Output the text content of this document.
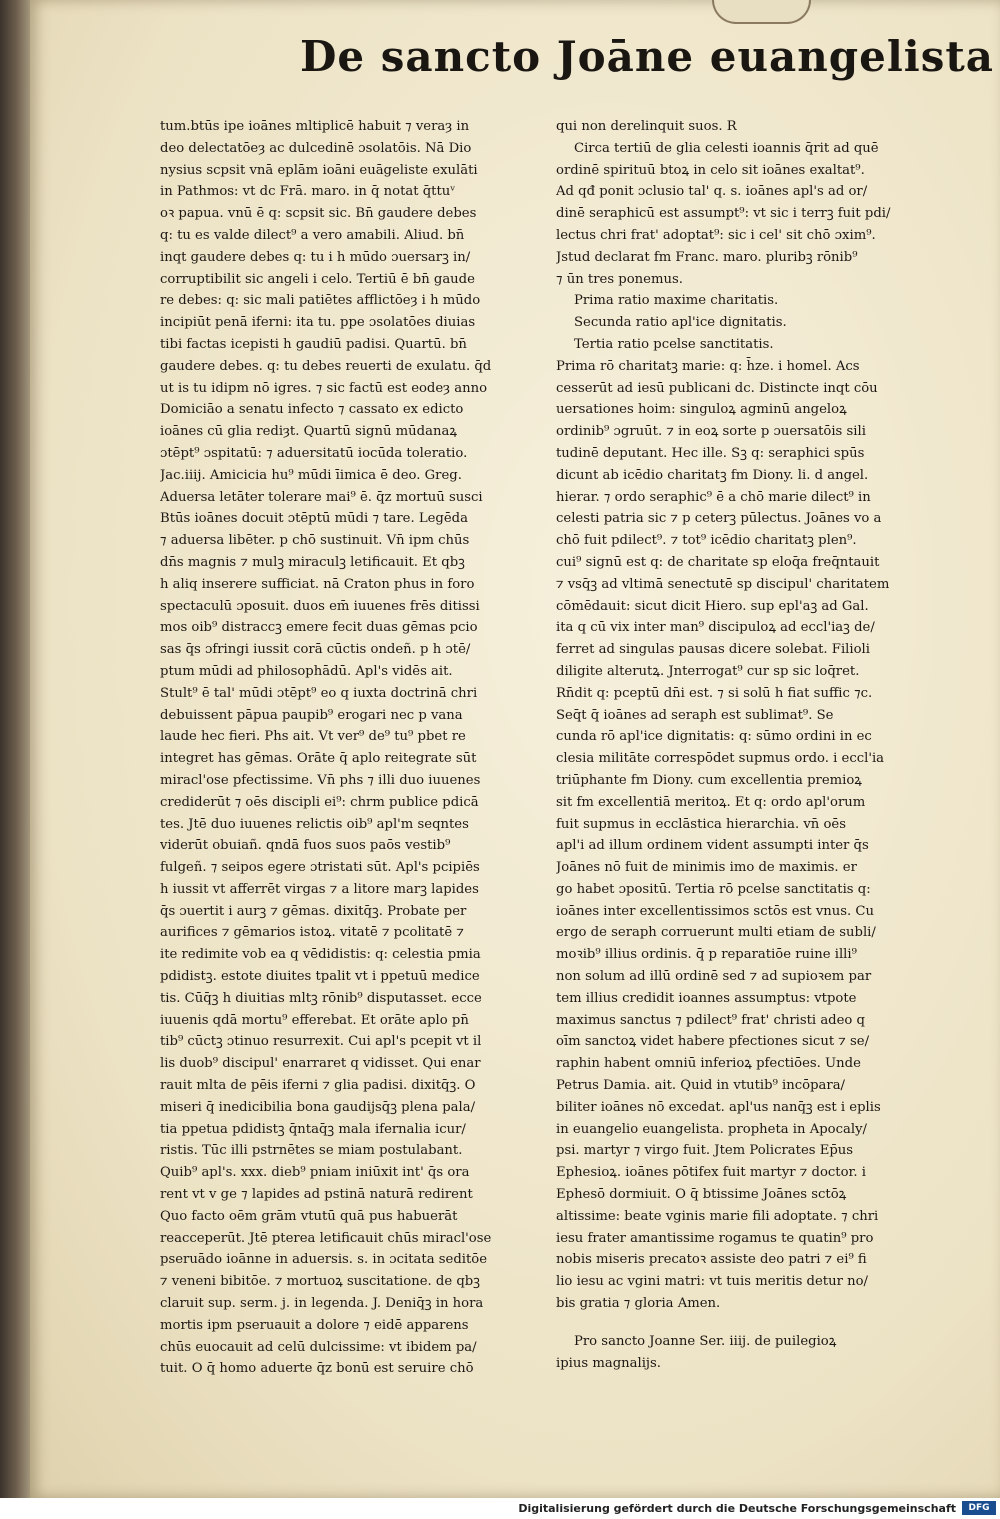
De sancto Joāne euangelista
tum.btūs ipe ioānes mltiplicē habuit ⁊ veraȝ in
deo delectatōeȝ ac dulcedinē ɔsolatōis. Nā Dio
nysius scpsit vnā eplām ioāni euāgeliste exulāti
in Pathmos: vt dc Frā. maro. in q̄ notat q̄ttuᵛ
oꝛ papua. vnū ē q: scpsit sic. Bn̄ gaudere debes
q: tu es valde dilect⁹ a vero amabili. Aliud. bn̄
inqt gaudere debes q: tu i h mūdo ɔuersarꝫ in/
corruptibilit sic angeli i celo. Tertiū ē bn̄ gaude
re debes: q: sic mali patiētes afflictōeȝ i h mūdo
incipiūt penā iferni: ita tu. ppe ɔsolatōes diuias
tibi factas icepisti h gaudiū padisi. Quartū. bn̄
gaudere debes. q: tu debes reuerti de exulatu. q̄d
ut is tu idipm nō igres. ⁊ sic factū est eodeȝ anno
Domiciāo a senatu infecto ⁊ cassato ex edicto
ioānes cū glia rediȝt. Quartū signū mūdanaꝝ
ɔtēpt⁹ ɔspitatū: ⁊ aduersitatū iocūda toleratio.
Jac.iiij. Amicicia hu⁹ mūdi īimica ē deo. Greg.
Aduersa letāter tolerare mai⁹ ē. q̄z mortuū susci
Btūs ioānes docuit ɔtēptū mūdi ⁊ tare. Legēda
⁊ aduersa libēter. p chō sustinuit. Vn̄ ipm chūs
dn̄s magnis ⁊ mulꝫ miraculꝫ letificauit. Et qbꝫ
h aliq inserere sufficiat. nā Craton phus in foro
spectaculū ɔposuit. duos em̄ iuuenes frēs ditissi
mos oib⁹ distraccꝫ emere fecit duas gēmas pcio
sas q̄s ɔfringi iussit corā cūctis ondeñ. p h ɔtē/
ptum mūdi ad philosophādū. Apl's vidēs ait.
Stult⁹ ē tal' mūdi ɔtēpt⁹ eo q iuxta doctrinā chri
debuissent pāpua paupib⁹ erogari nec p vana
laude hec fieri. Phs ait. Vt ver⁹ de⁹ tu⁹ pbet re
integret has gēmas. Orāte q̄ aplo reitegrate sūt
miracl'ose pfectissime. Vn̄ phs ⁊ illi duo iuuenes
crediderūt ⁊ oēs discipli ei⁹: chrm publice pdicā
tes. Jtē duo iuuenes relictis oib⁹ apl'm seqntes
viderūt obuiañ. qndā fuos suos paōs vestib⁹
fulgeñ. ⁊ seipos egere ɔtristati sūt. Apl's pcipiēs
h iussit vt afferrēt virgas ⁊ a litore marꝫ lapides
q̄s ɔuertit i aurꝫ ⁊ gēmas. dixitq̄ꝫ. Probate per
aurifices ⁊ gēmarios istoꝝ. vitatē ⁊ pcolitatē ⁊
ite redimite vob ea q vēdidistis: q: celestia pmia
pdidistꝫ. estote diuites tpalit vt i ppetuū medice
tis. Cūq̄ꝫ h diuitias mltꝫ rōnib⁹ disputasset. ecce
iuuenis qdā mortu⁹ efferebat. Et orāte aplo pn̄
tib⁹ cūctꝫ ɔtinuo resurrexit. Cui apl's pcepit vt il
lis duob⁹ discipul' enarraret q vidisset. Qui enar
rauit mlta de pēis iferni ⁊ glia padisi. dixitq̄ꝫ. O
miseri q̄ inedicibilia bona gaudijsq̄ꝫ plena pala/
tia ppetua pdidistꝫ q̄ntaq̄ꝫ mala ifernalia icur/
ristis. Tūc illi pstrnētes se miam postulabant.
Quib⁹ apl's. xxx. dieb⁹ pniam iniūxit int' q̄s ora
rent vt v ge ⁊ lapides ad pstinā naturā redirent
Quo facto oēm grām vtutū quā pus habuerāt
reacceperūt. Jtē pterea letificauit chūs miracl'ose
pseruādo ioānne in aduersis. s. in ɔcitata seditōe
⁊ veneni bibitōe. ⁊ mortuoꝝ suscitatione. de qbꝫ
claruit sup. serm. j. in legenda. J. Deniq̄ꝫ in hora
mortis ipm pseruauit a dolore ⁊ eidē apparens
chūs euocauit ad celū dulcissime: vt ibidem pa/
tuit. O q̄ homo aduerte q̄z bonū est seruire chō
qui non derelinquit suos. R
Circa tertiū de glia celesti ioannis q̄rit ad quē
ordinē spirituū btoꝝ in celo sit ioānes exaltat⁹.
Ad qđ ponit ɔclusio tal' q. s. ioānes apl's ad or/
dinē seraphicū est assumpt⁹: vt sic i terrꝫ fuit pdi/
lectus chri frat' adoptat⁹: sic i cel' sit chō ɔxim⁹.
Jstud declarat fm Franc. maro. pluribꝫ rōnib⁹
⁊ ūn tres ponemus.
Prima ratio maxime charitatis.
Secunda ratio apl'ice dignitatis.
Tertia ratio pcelse sanctitatis.
Prima rō charitatꝫ marie: q: h̄ze. i homel. Acs
cesserūt ad iesū publicani dc. Distincte inqt cōu
uersationes hoim: singuloꝝ agminū angeloꝝ
ordinib⁹ ɔgruūt. ⁊ in eoꝝ sorte p ɔuersatōis sili
tudinē deputant. Hec ille. Sꝫ q: seraphici spūs
dicunt ab icēdio charitatꝫ fm Diony. li. d angel.
hierar. ⁊ ordo seraphic⁹ ē a chō marie dilect⁹ in
celesti patria sic ⁊ p ceterꝫ pūlectus. Joānes vo a
chō fuit pdilect⁹. ⁊ tot⁹ icēdio charitatꝫ plen⁹.
cui⁹ signū est q: de charitate sp eloq̄a freq̄ntauit
⁊ vsq̄ꝫ ad vltimā senectutē sp discipul' charitatem
cōmēdauit: sicut dicit Hiero. sup epl'aꝫ ad Gal.
ita q cū vix inter man⁹ discipuloꝝ ad eccl'iaꝫ de/
ferret ad singulas pausas dicere solebat. Filioli
diligite alterutꝝ. Jnterrogat⁹ cur sp sic loq̄ret.
Rn̄dit q: pceptū dn̄i est. ⁊ si solū h fiat suffic ⁊c.
Seq̄t q̄ ioānes ad seraph est sublimat⁹. Se
cunda rō apl'ice dignitatis: q: sūmo ordini in ec
clesia militāte correspōdet supmus ordo. i eccl'ia
triūphante fm Diony. cum excellentia premioꝝ
sit fm excellentiā meritoꝝ. Et q: ordo apl'orum
fuit supmus in ecclāstica hierarchia. vn̄ oēs
apl'i ad illum ordinem vident assumpti inter q̄s
Joānes nō fuit de minimis imo de maximis. er
go habet ɔpositū. Tertia rō pcelse sanctitatis q:
ioānes inter excellentissimos sctōs est vnus. Cu
ergo de seraph corruerunt multi etiam de subli/
moꝛib⁹ illius ordinis. q̄ p reparatiōe ruine illi⁹
non solum ad illū ordinē sed ⁊ ad supioꝛem par
tem illius credidit ioannes assumptus: vtpote
maximus sanctus ⁊ pdilect⁹ frat' christi adeo q
oīm sanctoꝝ videt habere pfectiones sicut ⁊ se/
raphin habent omniū inferioꝝ pfectiōes. Unde
Petrus Damia. ait. Quid in vtutib⁹ incōpara/
biliter ioānes nō excedat. apl'us nanq̄ꝫ est i eplis
in euangelio euangelista. propheta in Apocaly/
psi. martyr ⁊ virgo fuit. Jtem Policrates Ep̄us
Ephesioꝝ. ioānes pōtifex fuit martyr ⁊ doctor. i
Ephesō dormiuit. O q̄ btissime Joānes sctōꝝ
altissime: beate vginis marie fili adoptate. ⁊ chri
iesu frater amantissime rogamus te quatin⁹ pro
nobis miseris precatoꝛ assiste deo patri ⁊ ei⁹ fi
lio iesu ac vgini matri: vt tuis meritis detur no/
bis gratia ⁊ gloria Amen.
Pro sancto Joanne Ser. iiij. de puilegioꝝ
ipius magnalijs.
Digitalisierung gefördert durch die Deutsche Forschungsgemeinschaft	DFG
